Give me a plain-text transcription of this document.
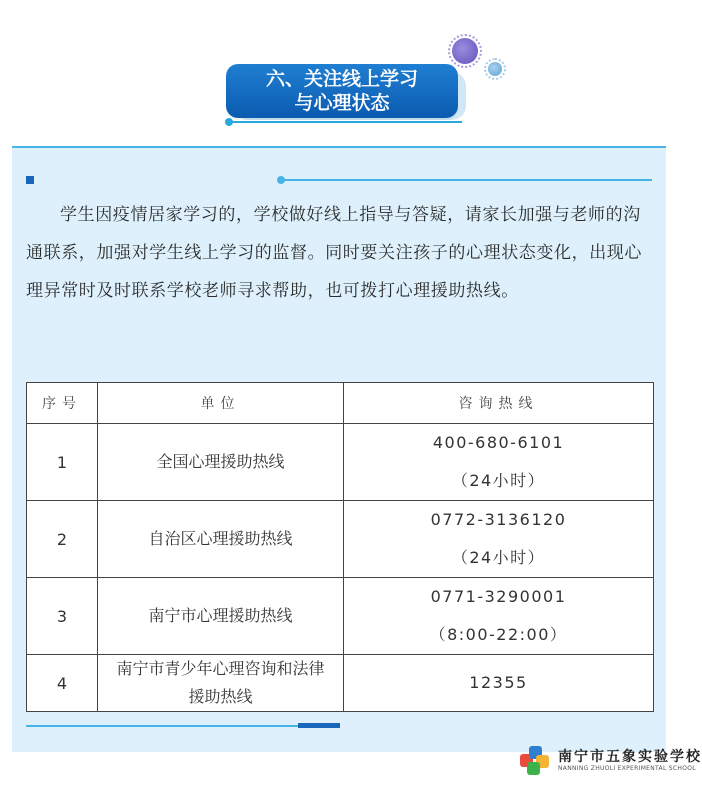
六、关注线上学习
与心理状态

学生因疫情居家学习的，学校做好线上指导与答疑，请家长加强与老师的沟通联系，加强对学生线上学习的监督。同时要关注孩子的心理状态变化，出现心理异常时及时联系学校老师寻求帮助，也可拨打心理援助热线。

序号	单位	咨询热线
1	全国心理援助热线	400-680-6101
（24小时）

2	自治区心理援助热线	0772-3136120
（24小时）

3	南宁市心理援助热线	0771-3290001
（8:00-22:00）

4	南宁市青少年心理咨询和法律援助热线	12355
南宁市五象实验学校
NANNING ZHUOLI EXPERIMENTAL SCHOOL
